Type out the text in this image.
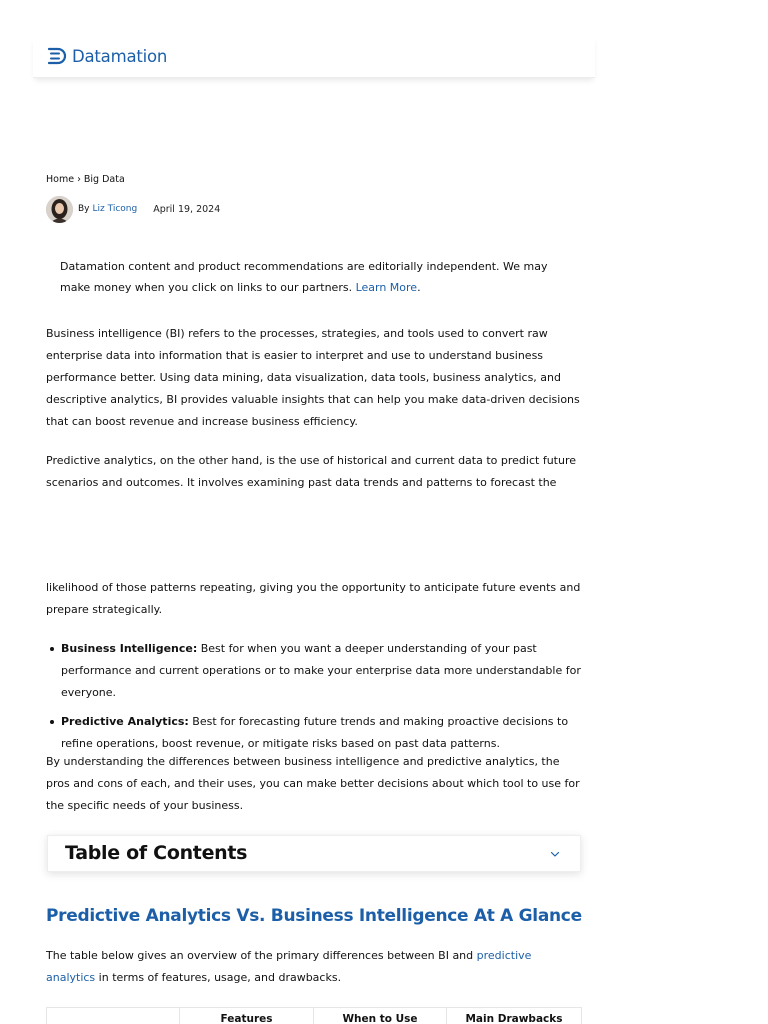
Datamation
Home › Big Data
By Liz Ticong April 19, 2024
Datamation content and product recommendations are editorially independent. We may make money when you click on links to our partners. Learn More.

Business intelligence (BI) refers to the processes, strategies, and tools used to convert raw enterprise data into information that is easier to interpret and use to understand business performance better. Using data mining, data visualization, data tools, business analytics, and descriptive analytics, BI provides valuable insights that can help you make data-driven decisions that can boost revenue and increase business efficiency.

Predictive analytics, on the other hand, is the use of historical and current data to predict future scenarios and outcomes. It involves examining past data trends and patterns to forecast the

likelihood of those patterns repeating, giving you the opportunity to anticipate future events and prepare strategically.

Business Intelligence: Best for when you want a deeper understanding of your past performance and current operations or to make your enterprise data more understandable for everyone.
Predictive Analytics: Best for forecasting future trends and making proactive decisions to refine operations, boost revenue, or mitigate risks based on past data patterns.

By understanding the differences between business intelligence and predictive analytics, the pros and cons of each, and their uses, you can make better decisions about which tool to use for the specific needs of your business.

Table of Contents
Predictive Analytics Vs. Business Intelligence At A Glance

The table below gives an overview of the primary differences between BI and predictive analytics in terms of features, usage, and drawbacks.

	Features	When to Use	Main Drawbacks
